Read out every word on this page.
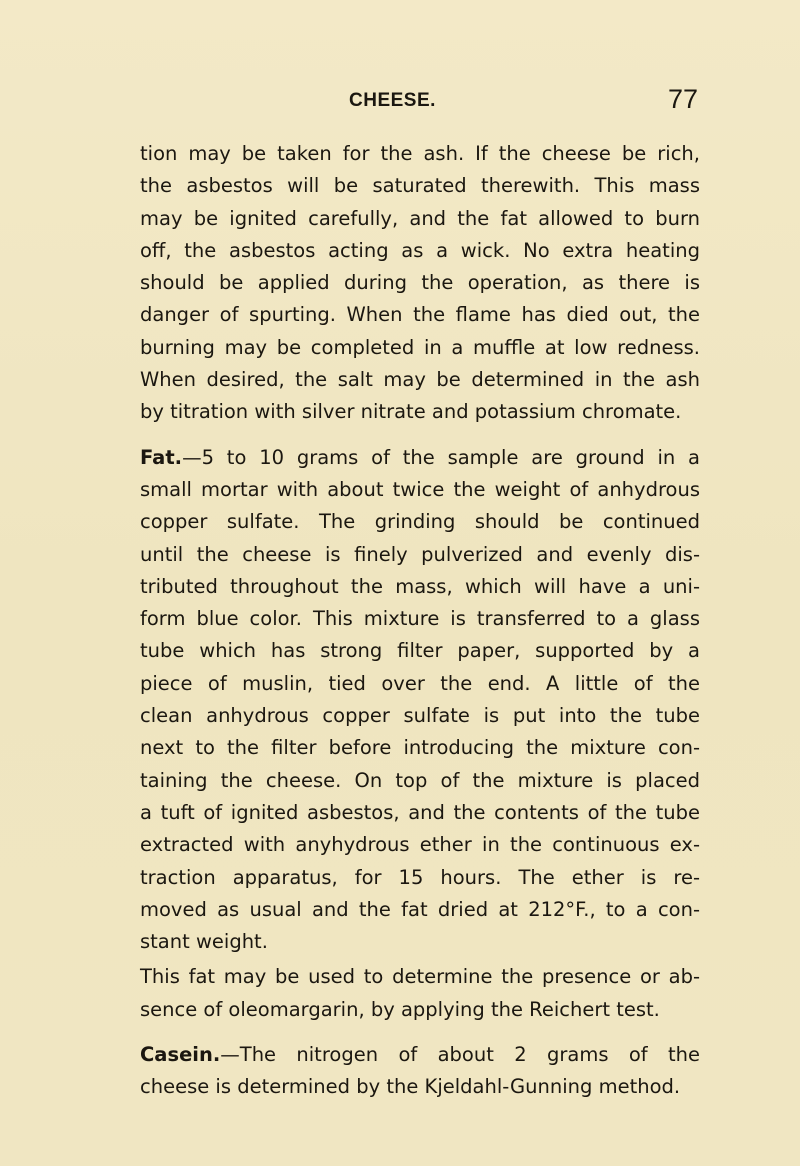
CHEESE.	77
tion may be taken for the ash. If the cheese be rich,
the asbestos will be saturated therewith. This mass
may be ignited carefully, and the fat allowed to burn
off, the asbestos acting as a wick. No extra heating
should be applied during the operation, as there is
danger of spurting. When the flame has died out, the
burning may be completed in a muffle at low redness.
When desired, the salt may be determined in the ash
by titration with silver nitrate and potassium chromate.
Fat.—5 to 10 grams of the sample are ground in a
small mortar with about twice the weight of anhydrous
copper sulfate. The grinding should be continued
until the cheese is finely pulverized and evenly dis-
tributed throughout the mass, which will have a uni-
form blue color. This mixture is transferred to a glass
tube which has strong filter paper, supported by a
piece of muslin, tied over the end. A little of the
clean anhydrous copper sulfate is put into the tube
next to the filter before introducing the mixture con-
taining the cheese. On top of the mixture is placed
a tuft of ignited asbestos, and the contents of the tube
extracted with anyhydrous ether in the continuous ex-
traction apparatus, for 15 hours. The ether is re-
moved as usual and the fat dried at 212°F., to a con-
stant weight.
This fat may be used to determine the presence or ab-
sence of oleomargarin, by applying the Reichert test.
Casein.—The nitrogen of about 2 grams of the
cheese is determined by the Kjeldahl-Gunning method.
